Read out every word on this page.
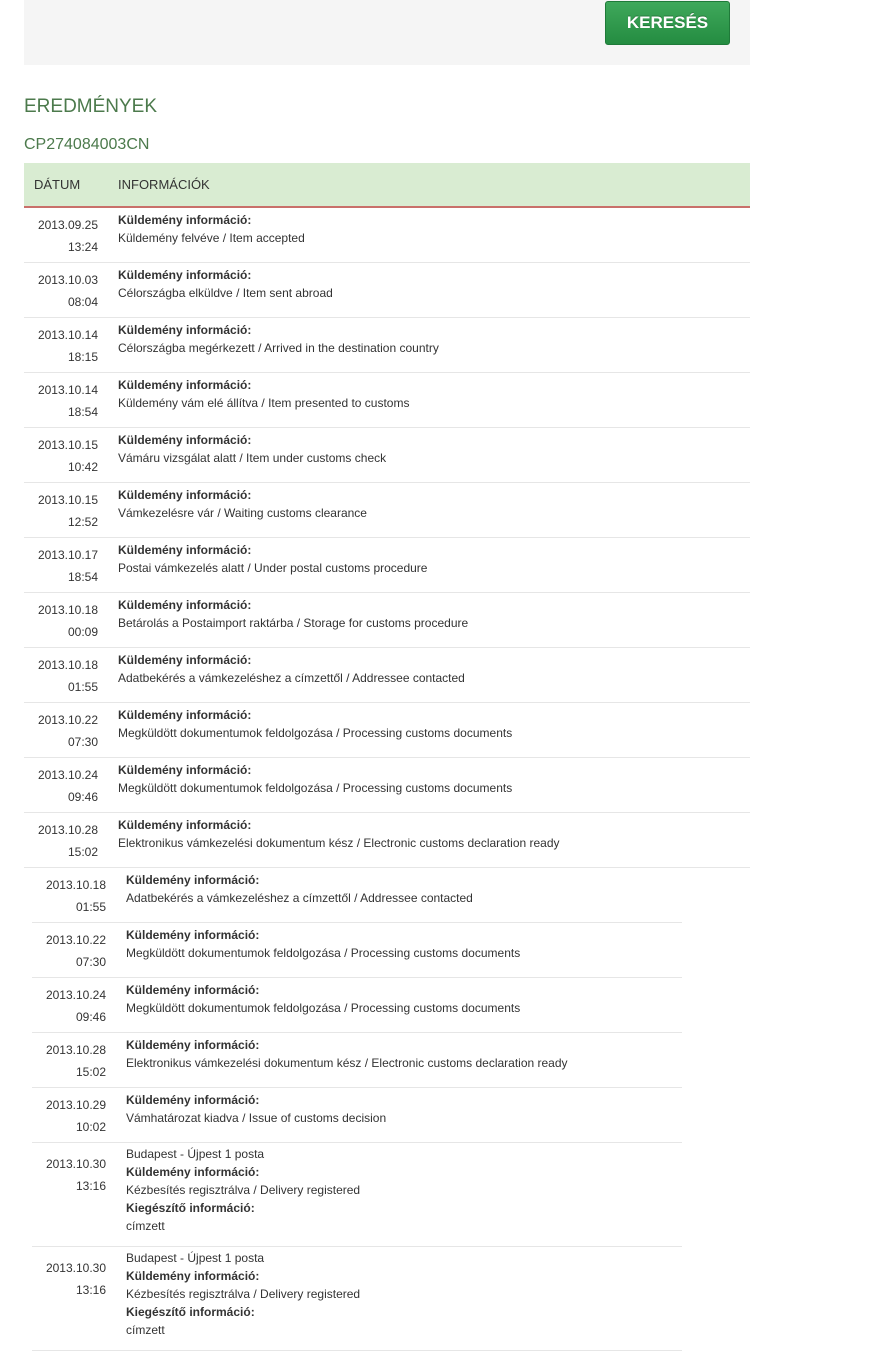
KERESÉS
EREDMÉNYEK
CP274084003CN
DÁTUM	INFORMÁCIÓK
2013.09.25
13:24
Küldemény információ:
Küldemény felvéve / Item accepted
2013.10.03
08:04
Küldemény információ:
Célországba elküldve / Item sent abroad
2013.10.14
18:15
Küldemény információ:
Célországba megérkezett / Arrived in the destination country
2013.10.14
18:54
Küldemény információ:
Küldemény vám elé állítva / Item presented to customs
2013.10.15
10:42
Küldemény információ:
Vámáru vizsgálat alatt / Item under customs check
2013.10.15
12:52
Küldemény információ:
Vámkezelésre vár / Waiting customs clearance
2013.10.17
18:54
Küldemény információ:
Postai vámkezelés alatt / Under postal customs procedure
2013.10.18
00:09
Küldemény információ:
Betárolás a Postaimport raktárba / Storage for customs procedure
2013.10.18
01:55
Küldemény információ:
Adatbekérés a vámkezeléshez a címzettől / Addressee contacted
2013.10.22
07:30
Küldemény információ:
Megküldött dokumentumok feldolgozása / Processing customs documents
2013.10.24
09:46
Küldemény információ:
Megküldött dokumentumok feldolgozása / Processing customs documents
2013.10.28
15:02
Küldemény információ:
Elektronikus vámkezelési dokumentum kész / Electronic customs declaration ready
2013.10.18
01:55
Küldemény információ:
Adatbekérés a vámkezeléshez a címzettől / Addressee contacted
2013.10.22
07:30
Küldemény információ:
Megküldött dokumentumok feldolgozása / Processing customs documents
2013.10.24
09:46
Küldemény információ:
Megküldött dokumentumok feldolgozása / Processing customs documents
2013.10.28
15:02
Küldemény információ:
Elektronikus vámkezelési dokumentum kész / Electronic customs declaration ready
2013.10.29
10:02
Küldemény információ:
Vámhatározat kiadva / Issue of customs decision
2013.10.30
13:16
Budapest - Újpest 1 posta
Küldemény információ:
Kézbesítés regisztrálva / Delivery registered
Kiegészítő információ:
címzett
2013.10.30
13:16
Budapest - Újpest 1 posta
Küldemény információ:
Kézbesítés regisztrálva / Delivery registered
Kiegészítő információ:
címzett
